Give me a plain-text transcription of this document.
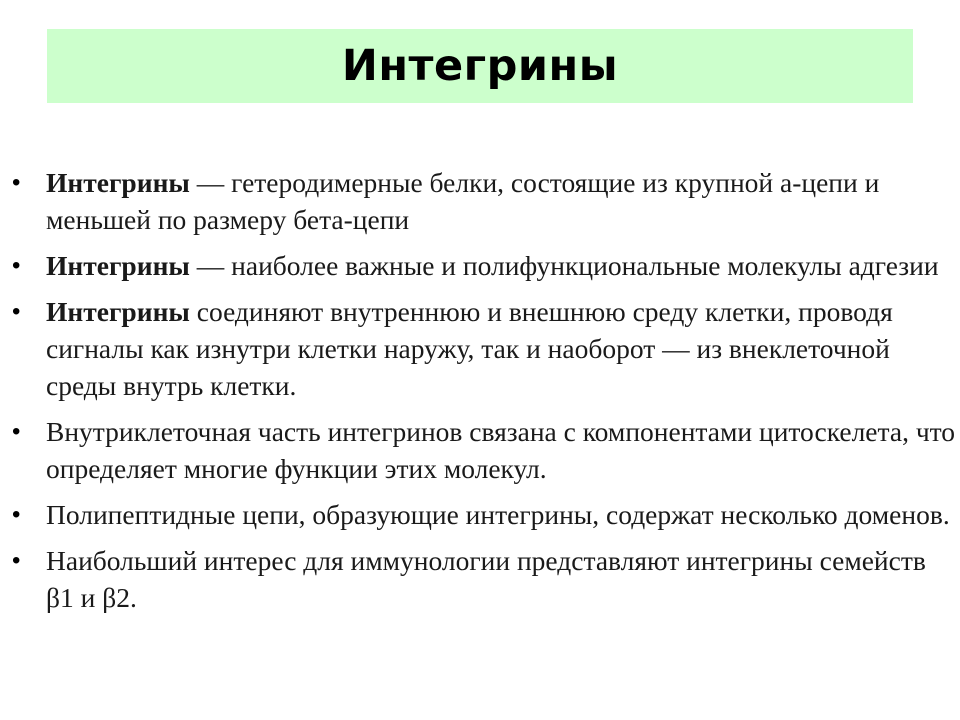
Интегрины
• Интегрины — гетеродимерные белки, состоящие из крупной а-цепи и меньшей по размеру бета-цепи
• Интегрины — наиболее важные и полифункциональные молекулы адгезии
• Интегрины соединяют внутреннюю и внешнюю среду клетки, проводя сигналы как изнутри клетки наружу, так и наоборот — из внеклеточной среды внутрь клетки.
• Внутриклеточная часть интегринов связана с компонентами цитоскелета, что определяет многие функции этих молекул.
• Полипептидные цепи, образующие интегрины, содержат несколько доменов.
• Наибольший интерес для иммунологии представляют интегрины семейств β1 и β2.
